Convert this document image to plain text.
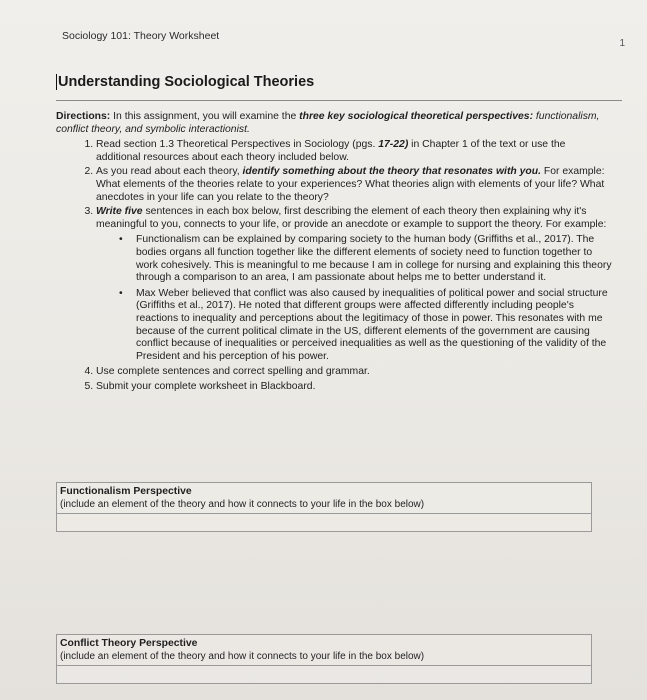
Sociology 101: Theory Worksheet
1
Understanding Sociological Theories

Directions: In this assignment, you will examine the three key sociological theoretical perspectives: functionalism, conflict theory, and symbolic interactionist.

1. Read section 1.3 Theoretical Perspectives in Sociology (pgs. 17-22) in Chapter 1 of the text or use the additional resources about each theory included below.
2. As you read about each theory, identify something about the theory that resonates with you. For example: What elements of the theories relate to your experiences? What theories align with elements of your life? What anecdotes in your life can you relate to the theory?
3. Write five sentences in each box below, first describing the element of each theory then explaining why it's meaningful to you, connects to your life, or provide an anecdote or example to support the theory. For example:
• Functionalism can be explained by comparing society to the human body (Griffiths et al., 2017). The bodies organs all function together like the different elements of society need to function together to work cohesively. This is meaningful to me because I am in college for nursing and explaining this theory through a comparison to an area, I am passionate about helps me to better understand it.
• Max Weber believed that conflict was also caused by inequalities of political power and social structure (Griffiths et al., 2017). He noted that different groups were affected differently including people's reactions to inequality and perceptions about the legitimacy of those in power. This resonates with me because of the current political climate in the US, different elements of the government are causing conflict because of inequalities or perceived inequalities as well as the questioning of the validity of the President and his perception of his power.
4. Use complete sentences and correct spelling and grammar.
5. Submit your complete worksheet in Blackboard.
Functionalism Perspective
(include an element of the theory and how it connects to your life in the box below)
Conflict Theory Perspective
(include an element of the theory and how it connects to your life in the box below)
